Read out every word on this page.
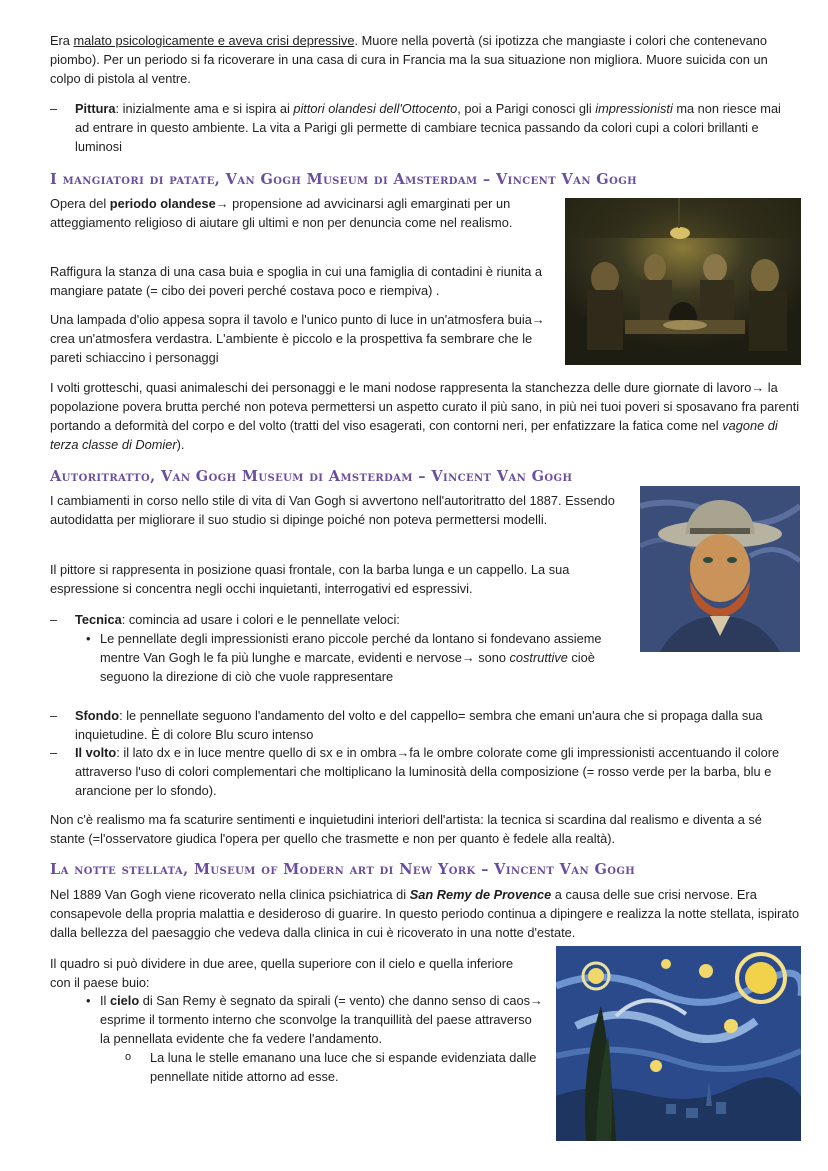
Era malato psicologicamente e aveva crisi depressive. Muore nella povertà (si ipotizza che mangiaste i colori che contenevano piombo). Per un periodo si fa ricoverare in una casa di cura in Francia ma la sua situazione non migliora. Muore suicida con un colpo di pistola al ventre.

– Pittura: inizialmente ama e si ispira ai pittori olandesi dell'Ottocento, poi a Parigi conosci gli impressionisti ma non riesce mai ad entrare in questo ambiente. La vita a Parigi gli permette di cambiare tecnica passando da colori cupi a colori brillanti e luminosi

I mangiatori di patate, Van Gogh Museum di Amsterdam – Vincent Van Gogh

Opera del periodo olandese→ propensione ad avvicinarsi agli emarginati per un atteggiamento religioso di aiutare gli ultimi e non per denuncia come nel realismo.

Raffigura la stanza di una casa buia e spoglia in cui una famiglia di contadini è riunita a mangiare patate (= cibo dei poveri perché costava poco e riempiva) .

Una lampada d'olio appesa sopra il tavolo e l'unico punto di luce in un'atmosfera buia→ crea un'atmosfera verdastra. L'ambiente è piccolo e la prospettiva fa sembrare che le pareti schiaccino i personaggi

I volti grotteschi, quasi animaleschi dei personaggi e le mani nodose rappresenta la stanchezza delle dure giornate di lavoro→ la popolazione povera brutta perché non poteva permettersi un aspetto curato il più sano, in più nei tuoi poveri si sposavano fra parenti portando a deformità del corpo e del volto (tratti del viso esagerati, con contorni neri, per enfatizzare la fatica come nel vagone di terza classe di Domier).

Autoritratto, Van Gogh Museum di Amsterdam – Vincent Van Gogh

I cambiamenti in corso nello stile di vita di Van Gogh si avvertono nell'autoritratto del 1887. Essendo autodidatta per migliorare il suo studio si dipinge poiché non poteva permettersi modelli.

Il pittore si rappresenta in posizione quasi frontale, con la barba lunga e un cappello. La sua espressione si concentra negli occhi inquietanti, interrogativi ed espressivi.

– Tecnica: comincia ad usare i colori e le pennellate veloci:

• Le pennellate degli impressionisti erano piccole perché da lontano si fondevano assieme mentre Van Gogh le fa più lunghe e marcate, evidenti e nervose→ sono costruttive cioè seguono la direzione di ciò che vuole rappresentare

– Sfondo: le pennellate seguono l'andamento del volto e del cappello= sembra che emani un'aura che si propaga dalla sua inquietudine. È di colore Blu scuro intenso

– Il volto: il lato dx e in luce mentre quello di sx e in ombra→fa le ombre colorate come gli impressionisti accentuando il colore attraverso l'uso di colori complementari che moltiplicano la luminosità della composizione (= rosso verde per la barba, blu e arancione per lo sfondo).

Non c'è realismo ma fa scaturire sentimenti e inquietudini interiori dell'artista: la tecnica si scardina dal realismo e diventa a sé stante (=l'osservatore giudica l'opera per quello che trasmette e non per quanto è fedele alla realtà).

La notte stellata, Museum of Modern art di New York – Vincent Van Gogh

Nel 1889 Van Gogh viene ricoverato nella clinica psichiatrica di San Remy de Provence a causa delle sue crisi nervose. Era consapevole della propria malattia e desideroso di guarire. In questo periodo continua a dipingere e realizza la notte stellata, ispirato dalla bellezza del paesaggio che vedeva dalla clinica in cui è ricoverato in una notte d'estate.

Il quadro si può dividere in due aree, quella superiore con il cielo e quella inferiore con il paese buio:

• Il cielo di San Remy è segnato da spirali (= vento) che danno senso di caos→ esprime il tormento interno che sconvolge la tranquillità del paese attraverso la pennellata evidente che fa vedere l'andamento.

o La luna le stelle emanano una luce che si espande evidenziata dalle pennellate nitide attorno ad esse.
